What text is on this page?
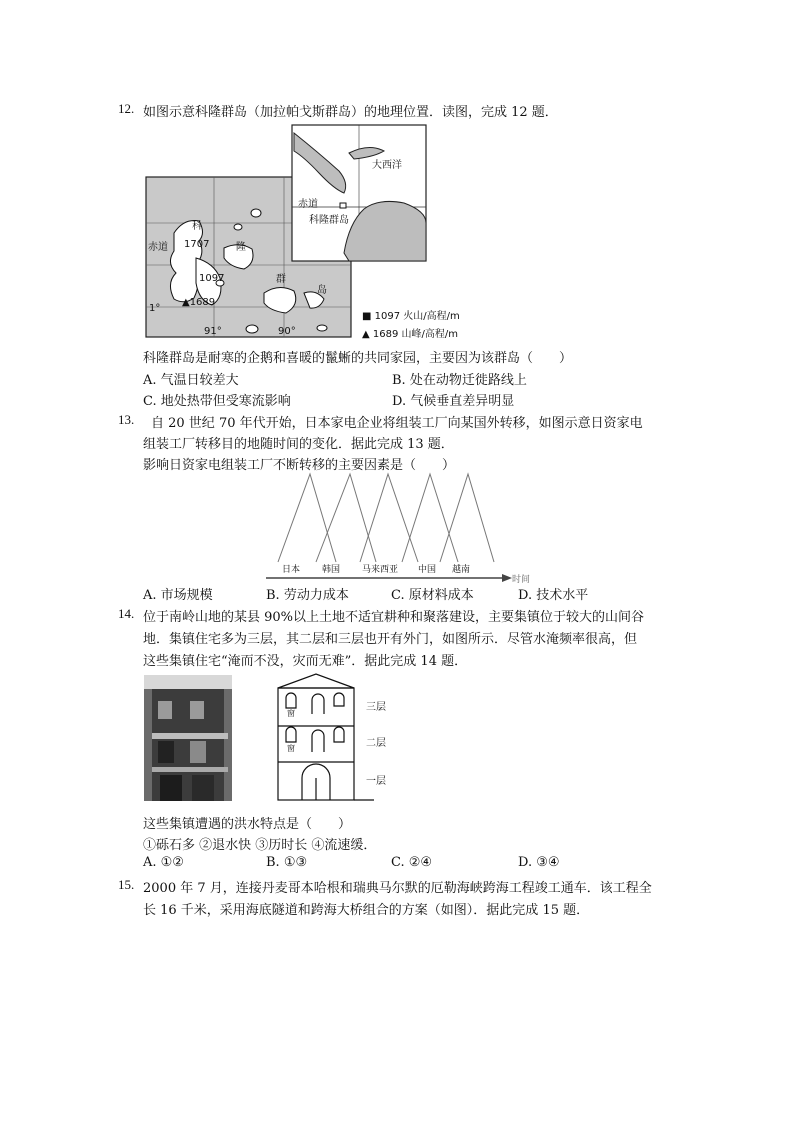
12. 如图示意科隆群岛（加拉帕戈斯群岛）的地理位置．读图，完成 12 题．
大西洋
赤道
科隆群岛
科
赤道 1707	隆
1097	群
岛
▲1689
1°
91°	90°
■ 1097 火山/高程/m
▲ 1689 山峰/高程/m
科隆群岛是耐寒的企鹅和喜暖的鬣蜥的共同家园，主要因为该群岛（　　）
A. 气温日较差大	B. 处在动物迁徙路线上
C. 地处热带但受寒流影响	D. 气候垂直差异明显
13. 自 20 世纪 70 年代开始，日本家电企业将组装工厂向某国外转移，如图示意日资家电
组装工厂转移目的地随时间的变化．据此完成 13 题．
影响日资家电组装工厂不断转移的主要因素是（　　）
日本 韩国 马来西亚 中国 越南
时间
A. 市场规模	B. 劳动力成本	C. 原材料成本	D. 技术水平
14. 位于南岭山地的某县 90%以上土地不适宜耕种和聚落建设，主要集镇位于较大的山间谷
地．集镇住宅多为三层，其二层和三层也开有外门，如图所示．尽管水淹频率很高，但
这些集镇住宅“淹而不没，灾而无难”．据此完成 14 题．
窗
窗
三层
二层
一层
这些集镇遭遇的洪水特点是（　　）
①砾石多 ②退水快 ③历时长 ④流速缓．
A. ①②	B. ①③	C. ②④	D. ③④
15. 2000 年 7 月，连接丹麦哥本哈根和瑞典马尔默的厄勒海峡跨海工程竣工通车．该工程全
长 16 千米，采用海底隧道和跨海大桥组合的方案（如图）．据此完成 15 题．
